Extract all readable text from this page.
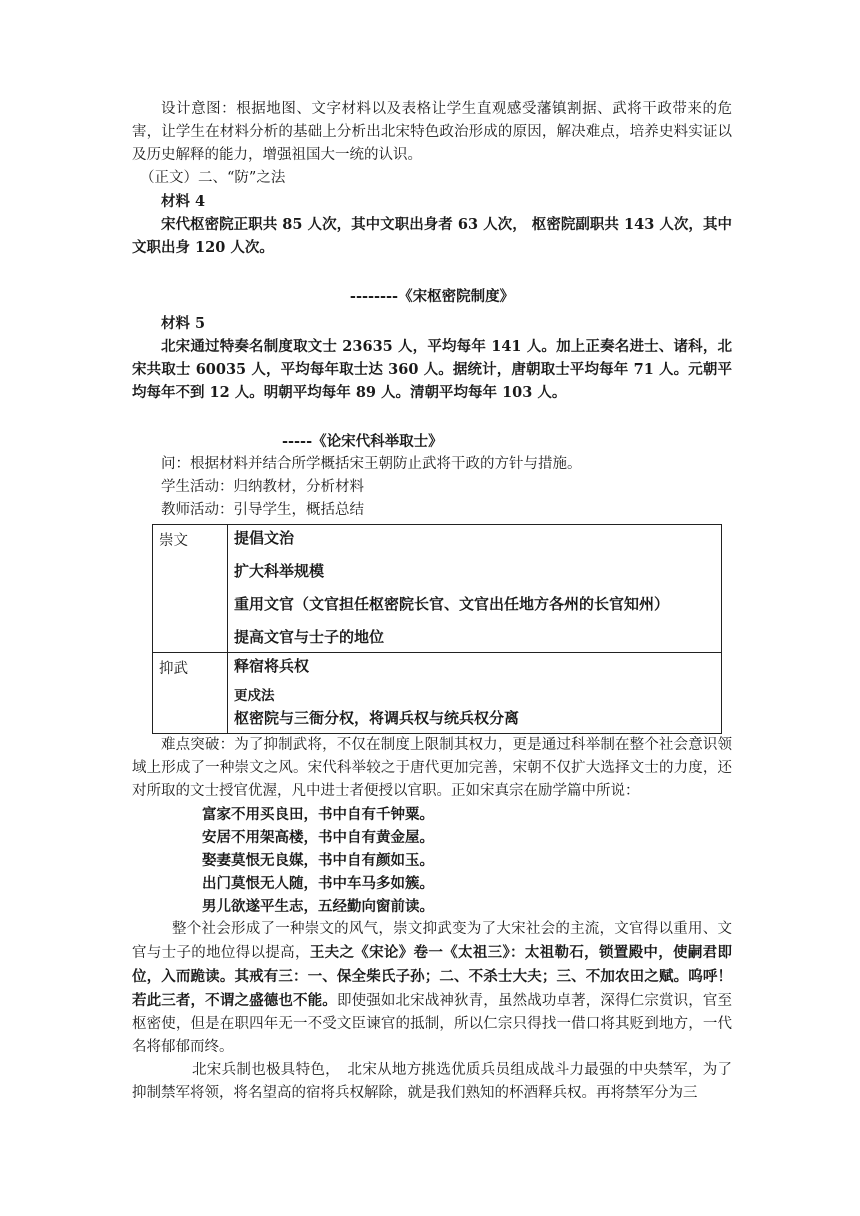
设计意图：根据地图、文字材料以及表格让学生直观感受藩镇割据、武将干政带来的危害，让学生在材料分析的基础上分析出北宋特色政治形成的原因，解决难点，培养史料实证以及历史解释的能力，增强祖国大一统的认识。

（正文）二、“防”之法

材料 4

宋代枢密院正职共 85 人次，其中文职出身者 63 人次， 枢密院副职共 143 人次，其中文职出身 120 人次。

--------《宋枢密院制度》

材料 5

北宋通过特奏名制度取文士 23635 人，平均每年 141 人。加上正奏名进士、诸科，北宋共取士 60035 人，平均每年取士达 360 人。据统计，唐朝取士平均每年 71 人。元朝平均每年不到 12 人。明朝平均每年 89 人。清朝平均每年 103 人。

-----《论宋代科举取士》

问：根据材料并结合所学概括宋王朝防止武将干政的方针与措施。

学生活动：归纳教材，分析材料

教师活动：引导学生，概括总结

崇文	提倡文治

扩大科举规模

重用文官（文官担任枢密院长官、文官出任地方各州的长官知州）

提高文官与士子的地位

抑武	释宿将兵权

更戍法

枢密院与三衙分权，将调兵权与统兵权分离

难点突破：为了抑制武将，不仅在制度上限制其权力，更是通过科举制在整个社会意识领域上形成了一种崇文之风。宋代科举较之于唐代更加完善，宋朝不仅扩大选择文士的力度，还对所取的文士授官优渥，凡中进士者便授以官职。正如宋真宗在励学篇中所说：

富家不用买良田，书中自有千钟粟。

安居不用架高楼，书中自有黄金屋。

娶妻莫恨无良媒，书中自有颜如玉。

出门莫恨无人随，书中车马多如簇。

男儿欲遂平生志，五经勤向窗前读。

整个社会形成了一种崇文的风气，崇文抑武变为了大宋社会的主流，文官得以重用、文官与士子的地位得以提高，王夫之《宋论》卷一《太祖三》：太祖勒石，锁置殿中，使嗣君即位，入而跪读。其戒有三：一、保全柴氏子孙；二、不杀士大夫；三、不加农田之赋。呜呼！若此三者，不谓之盛德也不能。即使强如北宋战神狄青，虽然战功卓著，深得仁宗赏识，官至枢密使，但是在职四年无一不受文臣谏官的抵制，所以仁宗只得找一借口将其贬到地方，一代名将郁郁而终。

北宋兵制也极具特色，　北宋从地方挑选优质兵员组成战斗力最强的中央禁军，为了抑制禁军将领，将名望高的宿将兵权解除，就是我们熟知的杯酒释兵权。再将禁军分为三
